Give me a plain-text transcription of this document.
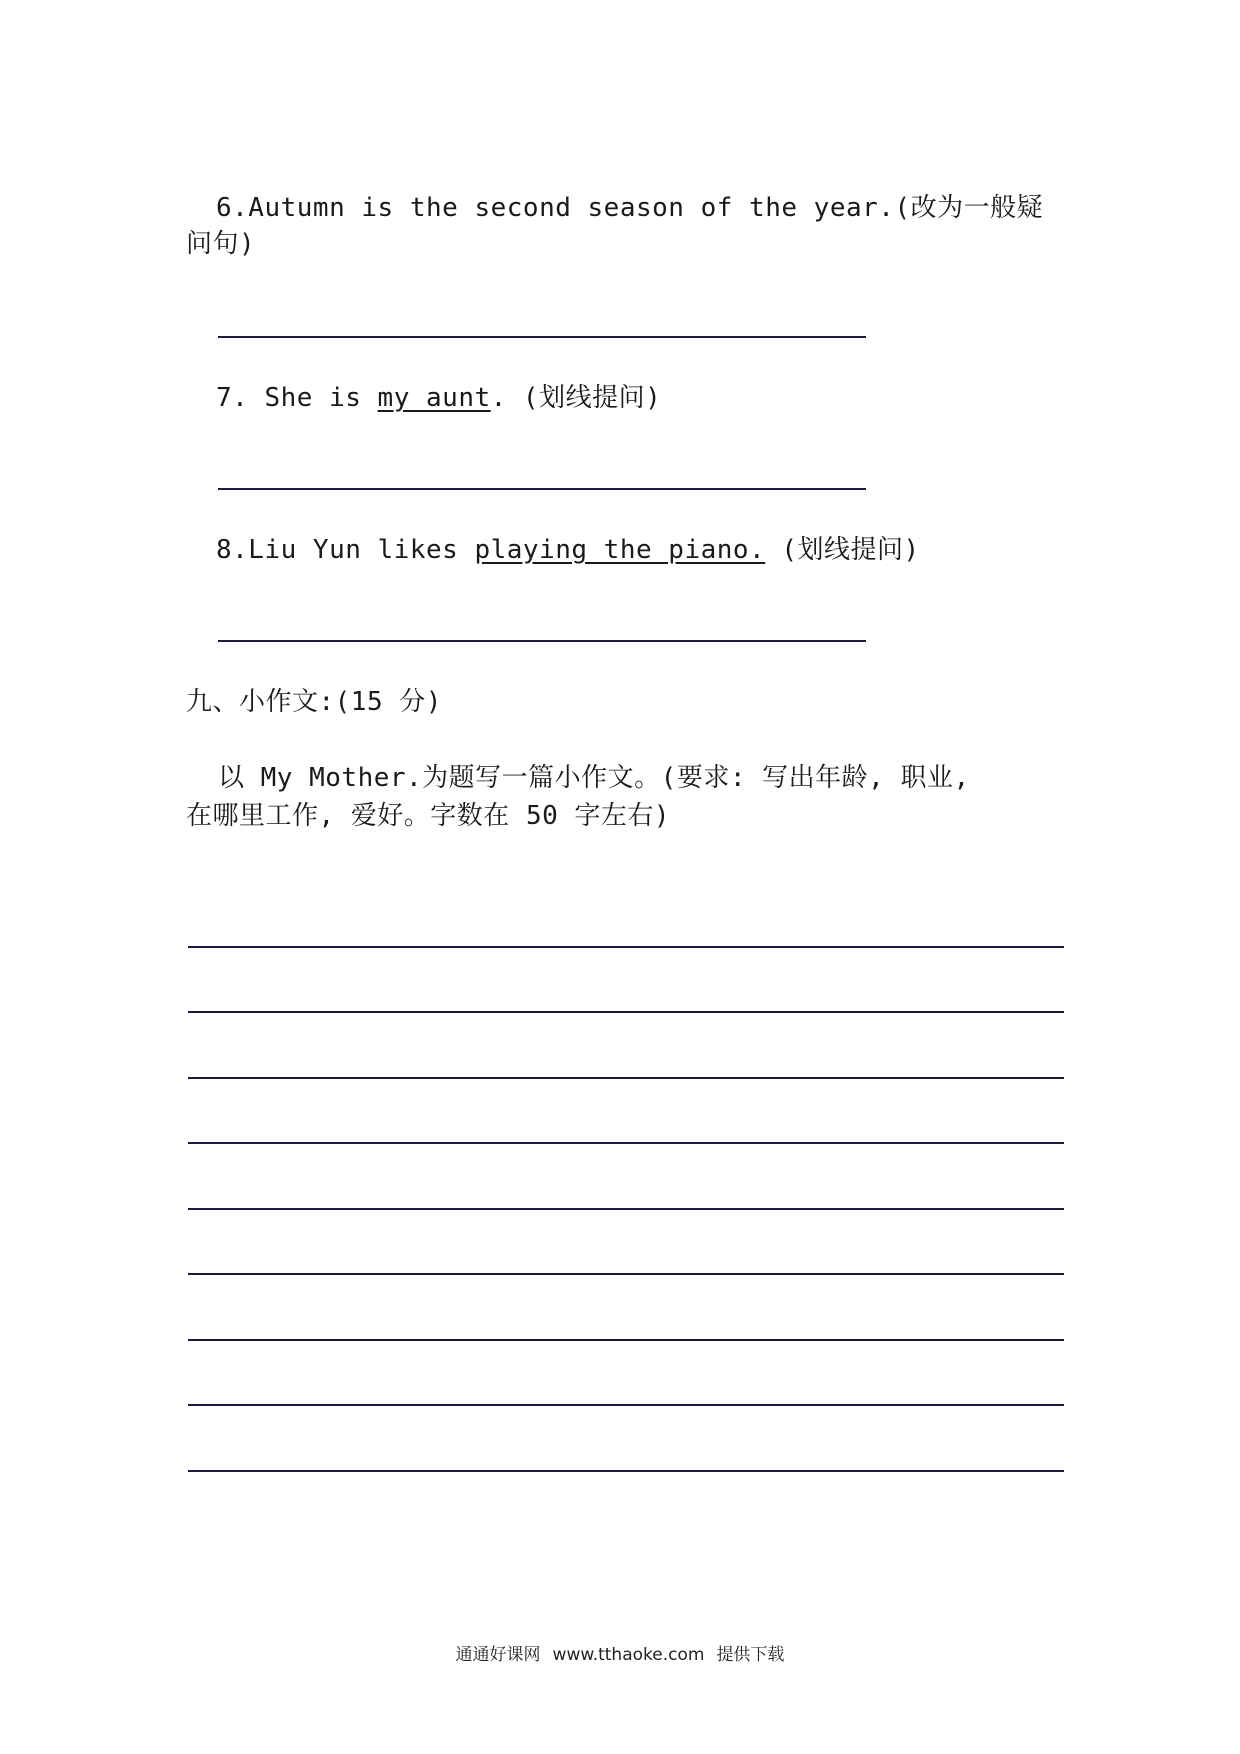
6.Autumn is the second season of the year.(改为一般疑
问句)
7. She is my aunt. (划线提问)
8.Liu Yun likes playing the piano. (划线提问)
九、小作文:(15 分)
以 My Mother.为题写一篇小作文。(要求: 写出年龄, 职业,
在哪里工作, 爱好。字数在 50 字左右)
通通好课网 www.tthaoke.com 提供下载
